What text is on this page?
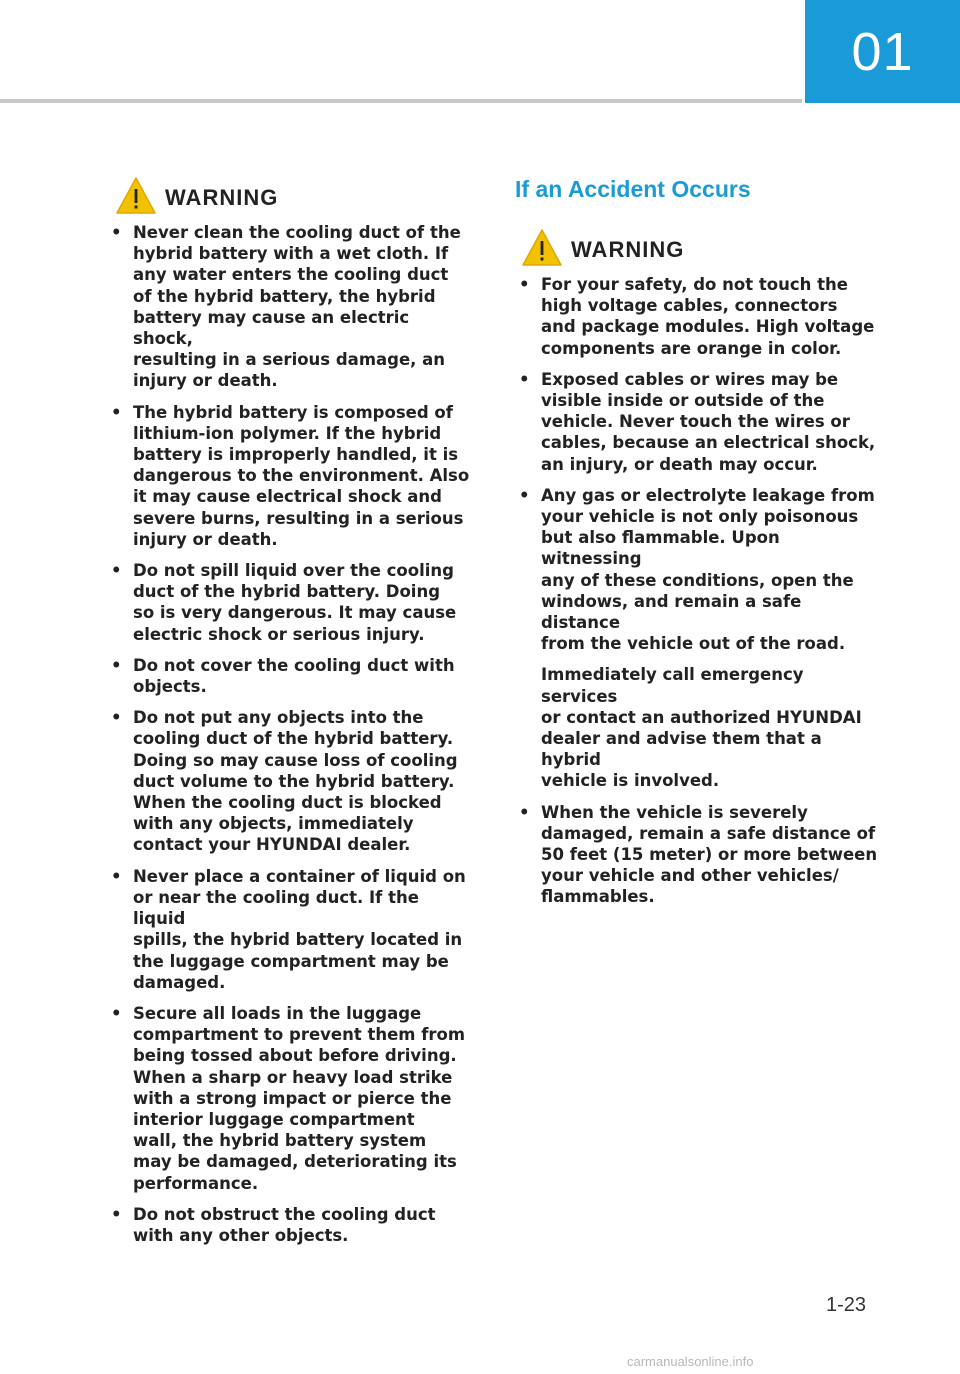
01
WARNING
• Never clean the cooling duct of the
hybrid battery with a wet cloth. If
any water enters the cooling duct
of the hybrid battery, the hybrid
battery may cause an electric shock,
resulting in a serious damage, an
injury or death.
• The hybrid battery is composed of
lithium-ion polymer. If the hybrid
battery is improperly handled, it is
dangerous to the environment. Also
it may cause electrical shock and
severe burns, resulting in a serious
injury or death.
• Do not spill liquid over the cooling
duct of the hybrid battery. Doing
so is very dangerous. It may cause
electric shock or serious injury.
• Do not cover the cooling duct with
objects.
• Do not put any objects into the
cooling duct of the hybrid battery.
Doing so may cause loss of cooling
duct volume to the hybrid battery.
When the cooling duct is blocked
with any objects, immediately
contact your HYUNDAI dealer.
• Never place a container of liquid on
or near the cooling duct. If the liquid
spills, the hybrid battery located in
the luggage compartment may be
damaged.
• Secure all loads in the luggage
compartment to prevent them from
being tossed about before driving.
When a sharp or heavy load strike
with a strong impact or pierce the
interior luggage compartment
wall, the hybrid battery system
may be damaged, deteriorating its
performance.
• Do not obstruct the cooling duct
with any other objects.
If an Accident Occurs
WARNING
• For your safety, do not touch the
high voltage cables, connectors
and package modules. High voltage
components are orange in color.
• Exposed cables or wires may be
visible inside or outside of the
vehicle. Never touch the wires or
cables, because an electrical shock,
an injury, or death may occur.
• Any gas or electrolyte leakage from
your vehicle is not only poisonous
but also flammable. Upon witnessing
any of these conditions, open the
windows, and remain a safe distance
from the vehicle out of the road.
Immediately call emergency services
or contact an authorized HYUNDAI
dealer and advise them that a hybrid
vehicle is involved.
• When the vehicle is severely
damaged, remain a safe distance of
50 feet (15 meter) or more between
your vehicle and other vehicles/
flammables.
1-23
carmanualsonline.info
